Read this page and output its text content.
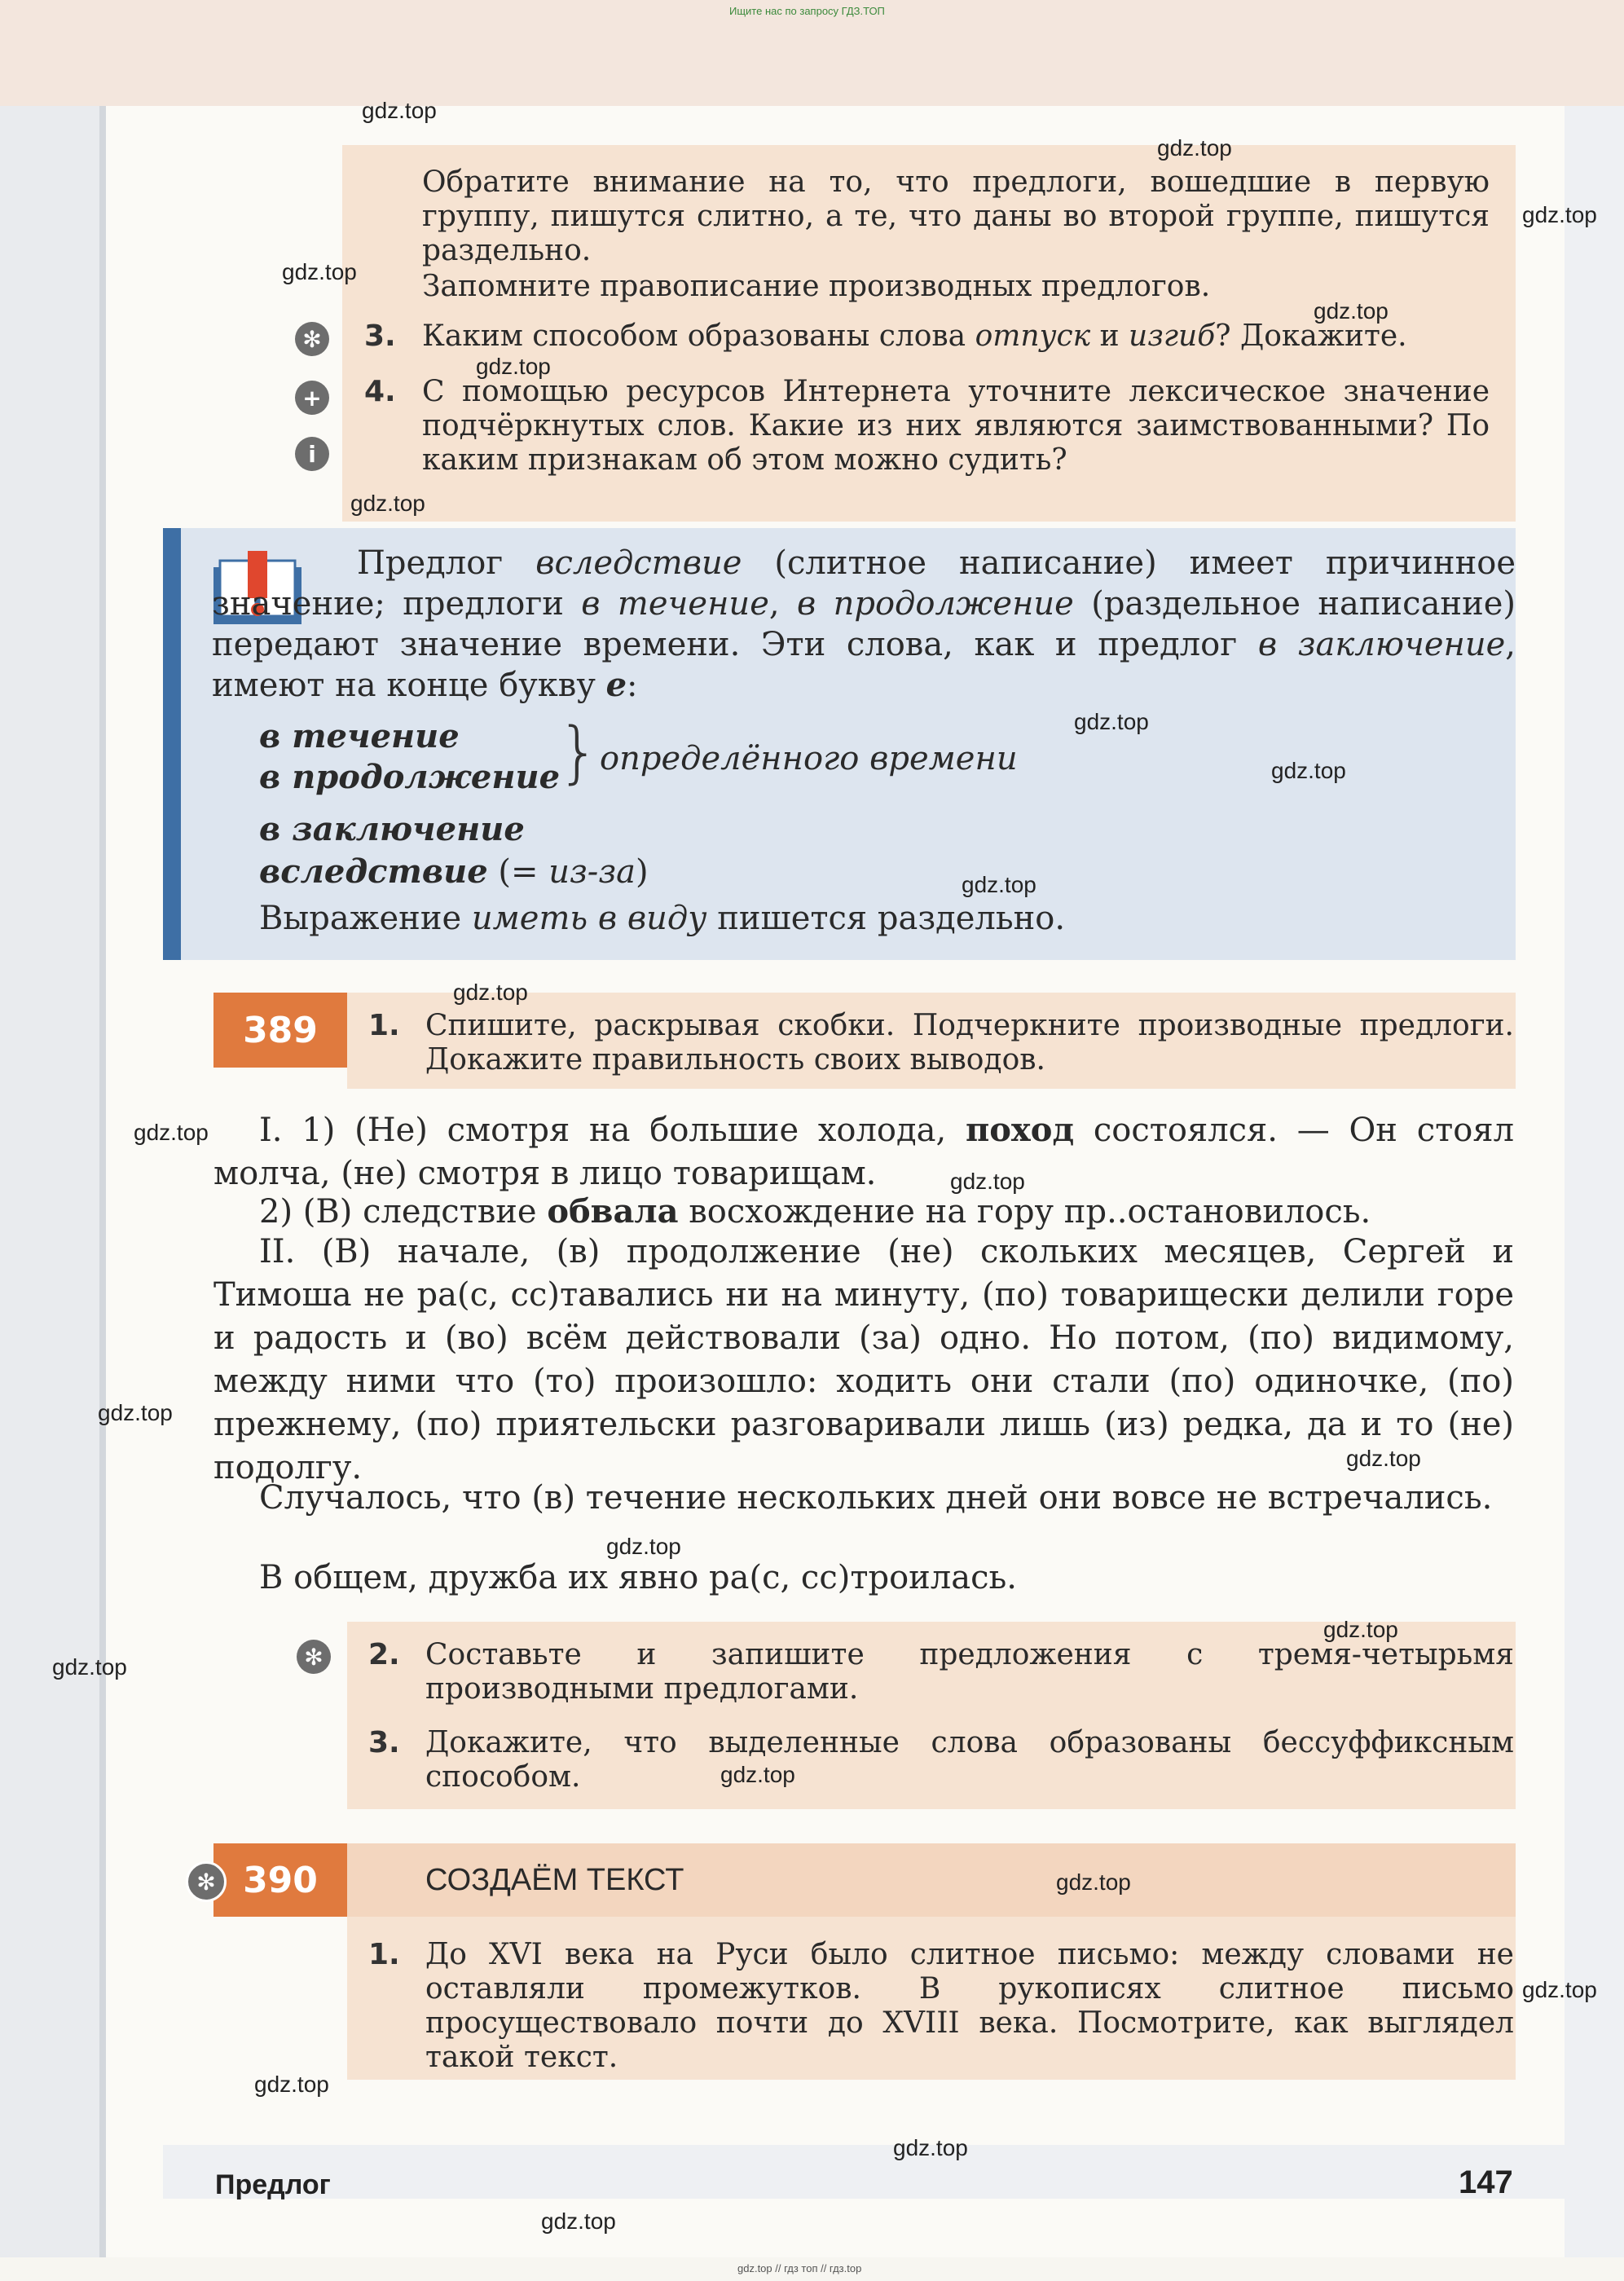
Ищите нас по запросу ГДЗ.ТОП
Обратите внимание на то, что предлоги, вошедшие в первую группу, пишутся слитно, а те, что даны во второй группе, пишутся раздельно.
Запомните правописание производных предлогов.
✻ 3. Каким способом образованы слова отпуск и изгиб? Докажите.
+
i
4. С помощью ресурсов Интернета уточните лексическое значение подчёркнутых слов. Какие из них являются заимствованными? По каким признакам об этом можно судить?
Предлог вследствие (слитное написание) имеет причинное значение; предлоги в течение, в продолжение (раздельное написание) передают значение времени. Эти слова, как и предлог в заключение, имеют на конце букву е:
в течение
в продолжение
} определённого времени
в заключение
вследствие (= из-за)
Выражение иметь в виду пишется раздельно.
389	1. Спишите, раскрывая скобки. Подчеркните производные предлоги. Докажите правильность своих выводов.
I. 1) (Не) смотря на большие холода, поход состоялся. — Он стоял молча, (не) смотря в лицо товарищам.
2) (В) следствие обвала восхождение на гору пр..остановилось.
II. (В) начале, (в) продолжение (не) скольких месяцев, Сергей и Тимоша не ра(с, сс)тавались ни на минуту, (по) товарищески делили горе и радость и (во) всём действовали (за) одно. Но потом, (по) видимому, между ними что (то) произошло: ходить они стали (по) одиночке, (по) прежнему, (по) приятельски разговаривали лишь (из) редка, да и то (не) подолгу.
Случалось, что (в) течение нескольких дней они вовсе не встречались.
В общем, дружба их явно ра(с, сс)троилась.
✻ 2. Составьте и запишите предложения с тремя-четырьмя производными предлогами.
3. Докажите, что выделенные слова образованы бессуффиксным способом.
390
✻	СОЗДАЁМ ТЕКСТ
1. До XVI века на Руси было слитное письмо: между словами не оставляли промежутков. В рукописях слитное письмо просуществовало почти до XVIII века. Посмотрите, как выглядел такой текст.
Предлог	147
gdz.top // гдз топ // гдз.top
gdz.top
gdz.top
gdz.top
gdz.top
gdz.top
gdz.top
gdz.top
gdz.top
gdz.top
gdz.top
gdz.top
gdz.top
gdz.top
gdz.top
gdz.top
gdz.top
gdz.top
gdz.top
gdz.top
gdz.top
gdz.top
gdz.top
gdz.top
gdz.top
